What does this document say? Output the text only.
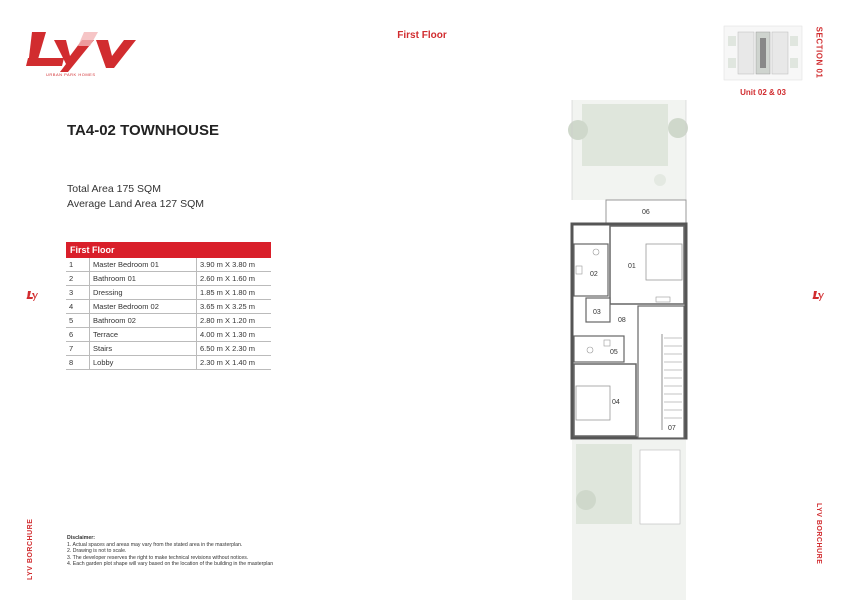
URBAN PARK HOMES
First Floor
Unit 02 & 03
SECTION 01
TA4-02 TOWNHOUSE
Total Area 175 SQM
Average Land Area 127 SQM
First Floor		
1	Master Bedroom 01	3.90 m X 3.80 m
2	Bathroom 01	2.60 m X 1.60 m
3	Dressing	1.85 m X 1.80 m
4	Master Bedroom 02	3.65 m X 3.25 m
5	Bathroom 02	2.80 m X 1.20 m
6	Terrace	4.00 m X 1.30 m
7	Stairs	6.50 m X 2.30 m
8	Lobby	2.30 m X 1.40 m
LYV BORCHURE	LYV BORCHURE
06
01
02
03
08
05
04
07
Disclaimer:
1. Actual spaces and areas may vary from the stated area in the masterplan.
2. Drawing is not to scale.
3. The developer reserves the right to make technical revisions without notices.
4. Each garden plot shape will vary based on the location of the building in the masterplan
